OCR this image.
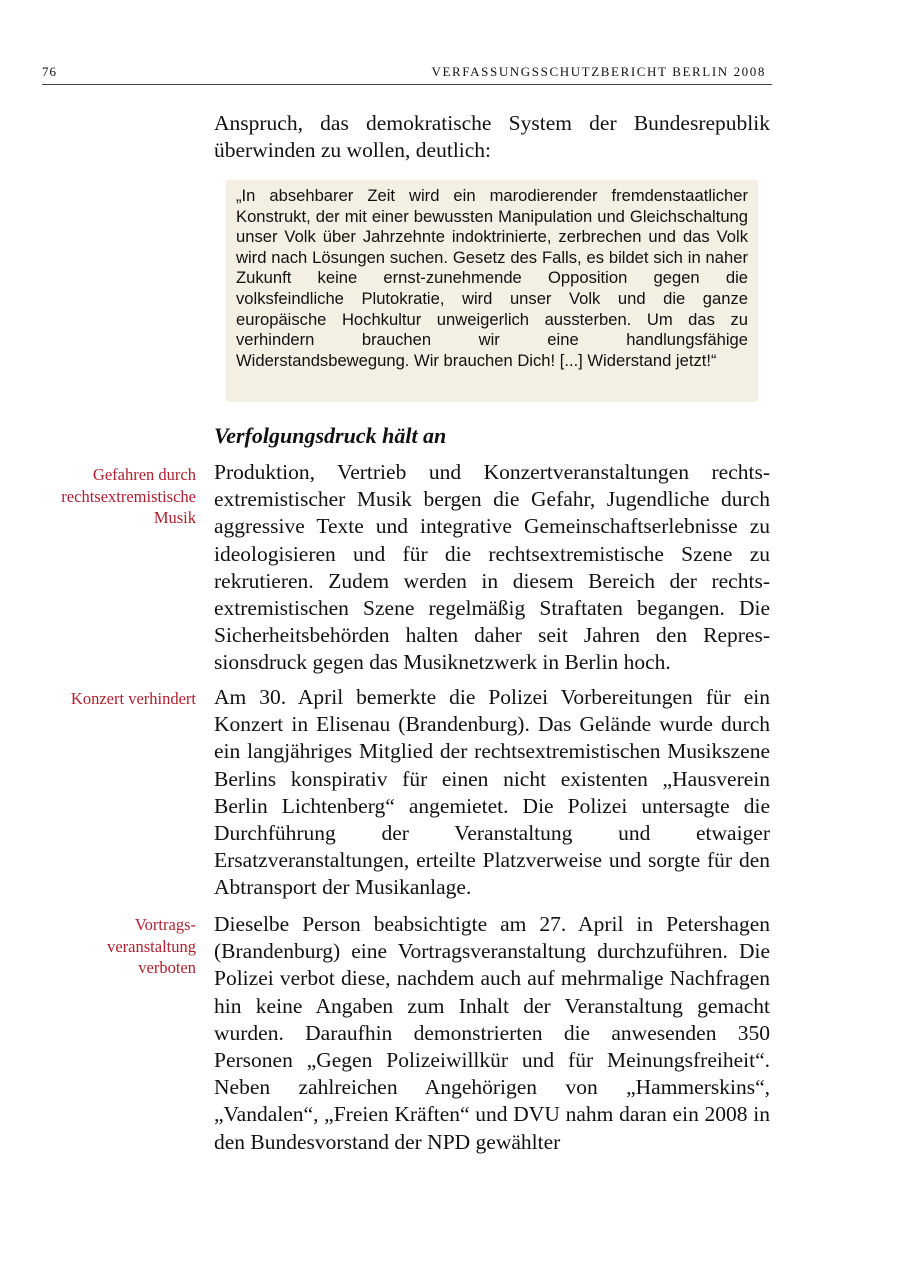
76	VERFASSUNGSSCHUTZBERICHT BERLIN 2008
Anspruch, das demokratische System der Bundesrepublik überwinden zu wollen, deutlich:
„In absehbarer Zeit wird ein marodierender fremdenstaatlicher Konstrukt, der mit einer bewussten Manipulation und Gleichschaltung unser Volk über Jahrzehnte indoktrinierte, zerbrechen und das Volk wird nach Lösungen suchen. Gesetz des Falls, es bildet sich in naher Zukunft keine ernst-zunehmende Opposition gegen die volksfeindliche Plutokratie, wird unser Volk und die ganze europäische Hochkultur unweigerlich aussterben. Um das zu verhindern brauchen wir eine handlungsfähige Widerstandsbewegung. Wir brauchen Dich! [...] Widerstand jetzt!“
Verfolgungsdruck hält an
Gefahren durch rechtsextremistische Musik
Produktion, Vertrieb und Konzertveranstaltungen rechtsextremistischer Musik bergen die Gefahr, Jugendliche durch aggressive Texte und integrative Gemeinschaftserlebnisse zu ideologisieren und für die rechtsextremistische Szene zu rekrutieren. Zudem werden in diesem Bereich der rechtsextremistischen Szene regelmäßig Straftaten begangen. Die Sicherheitsbehörden halten daher seit Jahren den Repressionsdruck gegen das Musiknetzwerk in Berlin hoch.
Konzert verhindert Am 30. April bemerkte die Polizei Vorbereitungen für ein Konzert in Elisenau (Brandenburg). Das Gelände wurde durch ein langjähriges Mitglied der rechtsextremistischen Musikszene Berlins konspirativ für einen nicht existenten „Hausverein Berlin Lichtenberg“ angemietet. Die Polizei untersagte die Durchführung der Veranstaltung und etwaiger Ersatzveranstaltungen, erteilte Platzverweise und sorgte für den Abtransport der Musikanlage.
Vortrags- veranstaltung verboten
Dieselbe Person beabsichtigte am 27. April in Petershagen (Brandenburg) eine Vortragsveranstaltung durchzuführen. Die Polizei verbot diese, nachdem auch auf mehrmalige Nachfragen hin keine Angaben zum Inhalt der Veranstaltung gemacht wurden. Daraufhin demonstrierten die anwesenden 350 Personen „Gegen Polizeiwillkür und für Meinungsfreiheit“. Neben zahlreichen Angehörigen von „Hammerskins“, „Vandalen“, „Freien Kräften“ und DVU nahm daran ein 2008 in den Bundesvorstand der NPD gewählter
